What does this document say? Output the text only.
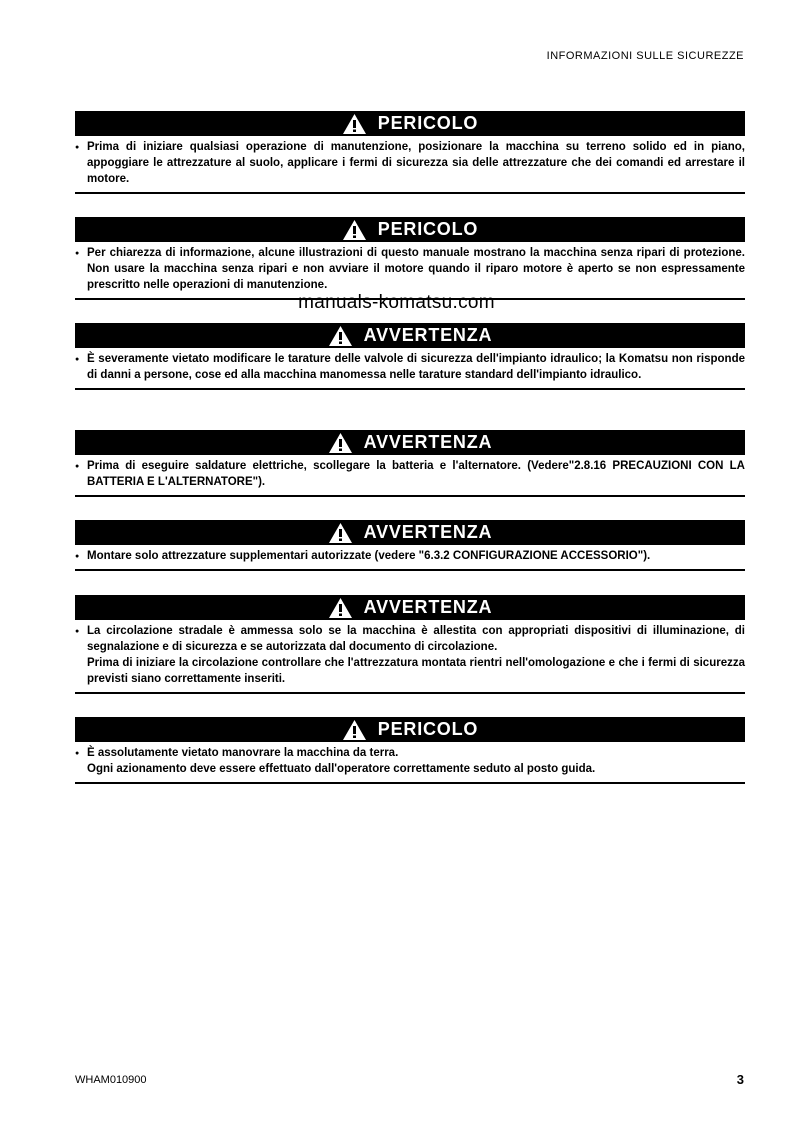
INFORMAZIONI SULLE SICUREZZE
PERICOLO

● Prima di iniziare qualsiasi operazione di manutenzione, posizionare la macchina su terreno solido ed in piano, appoggiare le attrezzature al suolo, applicare i fermi di sicurezza sia delle attrezzature che dei comandi ed arrestare il motore.

PERICOLO

● Per chiarezza di informazione, alcune illustrazioni di questo manuale mostrano la macchina senza ripari di protezione. Non usare la macchina senza ripari e non avviare il motore quando il riparo motore è aperto se non espressamente prescritto nelle operazioni di manutenzione.

manuals-komatsu.com
AVVERTENZA

● È severamente vietato modificare le tarature delle valvole di sicurezza dell'impianto idraulico; la Komatsu non risponde di danni a persone, cose ed alla macchina manomessa nelle tarature standard dell'impianto idraulico.

AVVERTENZA

● Prima di eseguire saldature elettriche, scollegare la batteria e l'alternatore. (Vedere"2.8.16 PRECAUZIONI CON LA BATTERIA E L'ALTERNATORE").

AVVERTENZA

● Montare solo attrezzature supplementari autorizzate (vedere "6.3.2 CONFIGURAZIONE ACCESSORIO").

AVVERTENZA

● La circolazione stradale è ammessa solo se la macchina è allestita con appropriati dispositivi di illuminazione, di segnalazione e di sicurezza e se autorizzata dal documento di circolazione.

Prima di iniziare la circolazione controllare che l'attrezzatura montata rientri nell'omologazione e che i fermi di sicurezza previsti siano correttamente inseriti.

PERICOLO

● È assolutamente vietato manovrare la macchina da terra.

Ogni azionamento deve essere effettuato dall'operatore correttamente seduto al posto guida.

WHAM010900	3
